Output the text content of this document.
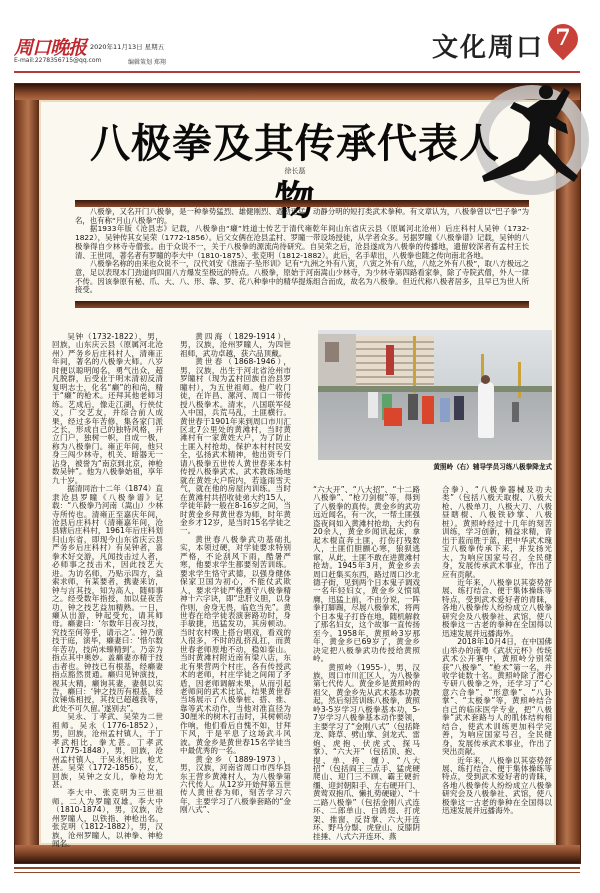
周口晚报 2020年11月13日 星期五
E-mail:2278356715@qq.com	编辑策划 郑翔	文化周口 7
八极拳及其传承代表人
徐长磊

八极拳，又名开门八极拳，是一种拳势猛烈、雄健刚烈、遒劲迅猛、动静分明的短打类武术拳种。有文章认为，八极拳曾以“巴子拳”为名，也有称“月山八极拳”的。

据1933年版《沧县志》记载，八极拳由“癞”姓道士传艺于清代雍乾年间山东省庆云县（原属河北沧州）后庄科村人吴钟（1732-1822），吴钟传其女吴荣（1772-1856）。后父女俩在沧县孟村、罗瞳一带设场授徒，从学者众多。另据罗瞳《八极拳谱》记载，吴钟的八极拳得自少林寺寺僧张。由于众说不一，关于八极拳的源流尚待研究。自吴荣之后，沧县遂成为八极拳的传播地，遗留较深者有孟村王长清、王世同，著名者有罗瞳的李大中（1810-1875）、张克明（1812-1882）。此后，名手辈出，八极拳也随之传向南北各地。

八极拳名称的由来也众说不一，汉代刘安《淮南子·坠形训》记有“九洲之外有八寅，八寅之外有八纮，八纮之外有八极”，取八方极远之意，足以表现本门劲道向四面八方爆发至极远的特点。八极拳，原始于河南嵩山少林寺，为少林寺第四路看家拳，除了寺院武僧，外人一律不传。因该拳原有秘、爪、大、八、形、靠、罗、花八种拳中的精华提炼组合而成，故名为八极拳。但近代称八极者居多，且早已为世人所接受。

吴钟（1732-1822），男，回族，山东庆云县（原属河北沧州）严务乡后庄科村人，清雍正年间，著名的八极拳大师。八岁时便以聪明闻名，勇气出众，超凡脱群，后受业于明末清初反清复明志士，化名“癞”的和尚，精于“癞”的枪术。还拜其他老师习练。艺成后，像走江湖，行侠仗义，广交艺友，并综合前人成果，经过多年苦修，集各家门派之长，形成自己的独特风格，开立门户，独树一帜，自成一极，称为八极拳门。雍正年间，他只身三闯少林寺，机关、暗器无一沾身，被誉为“南京到北京，神枪数吴钟”。他为八极拳始祖，享年九十岁。

据清同治十二年（1874）直隶沧县罗瞳《八极拳谱》记载：“八极拳乃河南（嵩山）少林寺所传也。清雍正至嘉庆年间，沧县后庄科村（清雍嘉年间，沧县辖后庄科村，1961年后庄科划归山东省，即现今山东省庆云县严务乡后庄科村）有吴钟者，喜拳术好交游，凡闻技击过人者，必师事之技击术，因此技艺大进。为访名师，乃贴示四方，益索求师，有某要者，携妻来访，钟与言其技，知为高人，随师事之。经受数年指授，加以昼夜苦功，钟之技艺益加精熟。一日，癞从出游，钟起受允，请其师母。癞妻曰：‘尔数年日夜习技，究技至何等乎，请示之’。钟乃演技于庭，演毕，癞妻曰：‘惜尔数年苦功，技尚未臻精到’。乃亲为指点其中奥妙。盖癞妻亦精于技击者也。钟技已有根基，经癞妻指点豁然贯通。癞归见钟演技，视其大精，癞询其妻，妻俱以实告，癞曰：‘钟之技历有根基，经汝锤炼相授，其技已超越我等，此处不可久留。’遂别去”。

吴永、丁孝武、吴荣为二世祖师。吴永（1776-1852），男，回族，沧州孟村镇人，于丁孝武相比，拳尤甚。丁孝武（1775-1848），男，回族，沧州孟村镇人，于吴永相比，枪尤甚。吴荣（1772-1856），女，回族，吴钟之女儿，拳枪均尤甚。

李大中、张克明为三世祖师。二人为罗瞳双雄。李大中（1810-1874），男，汉族，沧州罗瞳人，以铁指、神枪出名。张克明（1812-1882），男，汉族，沧州罗瞳人，以神拳、神枪闻名。

黄四海（1829-1914），男，汉族，沧州罗瞳人，为四世祖师，武功卓越，获六品顶戴。

黄世春（1868-1946），男，汉族，出生于河北省沧州市罗瞳村（现为孟村回族自治县罗瞳村），为五世祖师。他广收门徒，在许昌、漯河、周口一带传授八极拳术。清末，八国联军侵入中国，兵荒马乱，土匪横行。黄世春于1901年来到周口市川汇区北7公里处的黄滩村，当时黄滩村有一家黄姓大户，为了防止土匪入村抢劫，保护本村村民安全，弘扬武术精神，他出资专门请八极拳五世传人黄世春来本村传授八极拳武术。武术教练场地就在黄姓大户院内，若逢雨雪天气，就在他的房屋内训练。当时在黄滩村共招收徒弟大约15人，学徒年龄一般在8-16岁之间，当时黄金乡拜黄世春为师，时年黄金乡才12岁，是当时15名学徒之一。

黄世春八极拳武功基础扎实，本领过硬，对学徒要求特别严格，不论刮风下雨，酷暑严寒，他要求学生都要刻苦训练。要求学生恪守武德，以强身健体保家卫国为初心，不能仗武欺人，要求学徒严格遵守八极拳精神十六字诀，即“忠肝义胆，以身作则，舍身无畏，临危当先”。黄世春在给学徒表演套路功时，身手敏捷，迅猛发功，其房顿动。当时农村晚上搭台唱戏，看戏的人很多，不时的乱挤乱扛，而黄世春老师原地不动，稳如泰山。当时黄滩村附近南有梁八店，东北有果营两个村庄，各有传授武术的老师，村庄学徒之间闹了矛盾，因老师调解未果，从而引起老师间的武术比试。结果黄世春当场展示了八极拳桩、搭、推、靠等武术动作，当他对准直径为30厘米的树木打击时，其树顿动作响，他们看后自愧不如，甘拜下风，于是平息了这场武斗风波。黄金乡是黄世春15名学徒当中最优秀的一名。

黄金乡（1889-1973），男，汉族，河南省周口市西华县东王营乡黄滩村人，为八极拳第六代传人。从12岁开始拜第五世传人黄世春为师，刻苦学习六年，主要学习了八极拳套路的“金刚八式”、

黄照岭（右）辅导学员习练八极拳降龙式

“六大开”、“八大招”、“十二路八极拳”、“枪刀剑棍”等，得到了八极拳的真传。黄金乡的武功远近闻名，有一次，一帮土匪强盗夜间如入黄滩村抢劫，大约有20余人，黄金乡闻讯起床，拿起木棍直奔土匪，打伤打残数人，土匪们胆颤心寒，狼狈逃窜，从此，土匪不敢在进黄滩村抢劫。1945年3月，黄金乡去周口赶集买东西，路过周口沙北德子街，见到两个日本鬼子调戏一名年轻妇女，黄金乡义愤填膺，迅猛上前，不由分说，一阵拳打脚踢，尽展八极拳术，将两个日本鬼子打昏在地，随机解救了那名妇女，这个故事一直传扬至今。1958年，黄照岭3岁那年，黄金乡已69岁了，黄金乡决定把八极拳武功传授给黄照岭。

黄照岭（1955-），男，汉族，周口市川汇区人，为八极拳第七代传人。黄金乡是黄照岭的祖父，黄金乡先从武术基本功教起，然后刻苦训练八极拳，黄照岭3-5岁学习八极拳基本功，5-7岁学习八极拳基本动作要领，主要学习了“金刚八式”（包括降龙、降草、劈山掌、剑龙式、雷炮、虎抱、伏虎式、探马掌）、“六大开”（包括顶、抱、提、单、挎、缠）、“八大招”（包括阎王三点手、猛虎硬爬山、迎门三不顾、霸王硬折缰、迎封朝阳手、左右硬开门、黄莺双抱爪、懒扎势硬碰）、“十二路八极拳”（包括金刚八式连环、二郎单山、白鸽翅、打虎架、推窗、反背掌、六大开连环、野马分鬃、虎登山、反膝阴挂捶、八式六开连环、燕

合拳）、“八极拳器械及功夫类”（包括八极天取棍、八极大枪、八极单刀、八极大刀、八极昼瞎棍、八极铁砂掌、八极桩）。黄照岭经过十几年的刻苦训练，学习创新，精益求精，青出于蓝而胜于蓝，把中华武术瑰宝八极拳传承下来，并发扬光大，为响应国家号召，全民健身，发展传承武术事业，作出了应有贡献。

近年来，八极拳以其姿势舒展、练打结合、便于集体操练等特点，受到武术爱好者的青睐，各地八极拳传人纷纷成立八极拳研究会及八极拳社、武馆，使八极拳这一古老的拳种在全国得以迅速发展并远播海外。

2018年10月4日，在中国佛山举办的南粤《武状元杯》传统武术公开赛中，黄照岭分别荣获“八极拳”、“枪术”第一名，并收学徒数十名。黄照岭除了潜心专研八极拳之外，还学习了“心意六合拳”、“形意拳”、“八卦掌”、“太极拳”等，黄照岭结合自己的临床医学专业，把“八极拳”武术套路与人的肌体结构相结合，使武术训练更加科学完善，为响应国家号召，全民健身，发展传承武术事业，作出了突出贡献。

近年来，八极拳以其姿势舒展、练打结合、便于集体操练等特点，受到武术爱好者的青睐，各地八极拳传人纷纷成立八极拳研究会及八极拳社、武馆，使八极拳这一古老的拳种在全国得以迅速发展并远播海外。
